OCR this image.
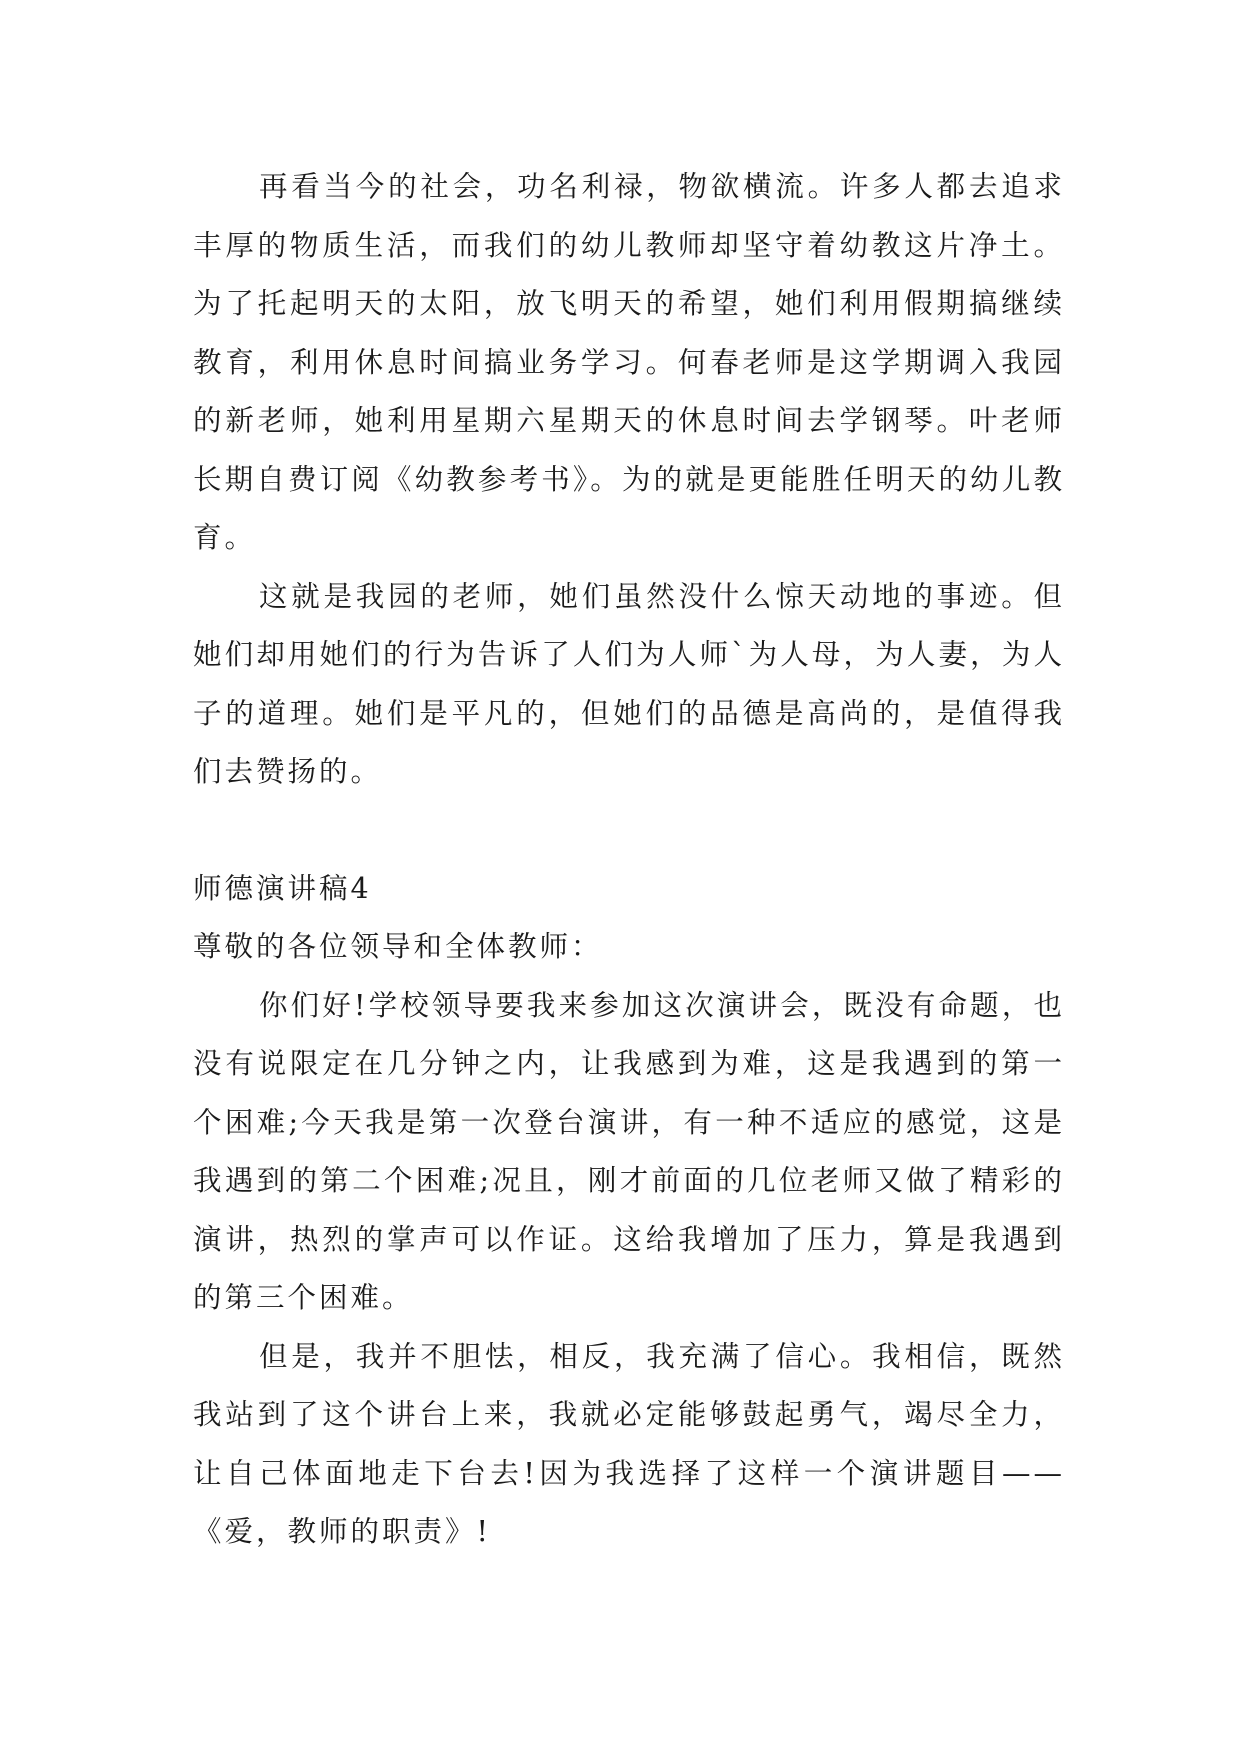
再看当今的社会，功名利禄，物欲横流。许多人都去追求丰厚的物质生活，而我们的幼儿教师却坚守着幼教这片净土。为了托起明天的太阳，放飞明天的希望，她们利用假期搞继续教育，利用休息时间搞业务学习。何春老师是这学期调入我园的新老师，她利用星期六星期天的休息时间去学钢琴。叶老师长期自费订阅《幼教参考书》。为的就是更能胜任明天的幼儿教育。

这就是我园的老师，她们虽然没什么惊天动地的事迹。但她们却用她们的行为告诉了人们为人师`为人母，为人妻，为人子的道理。她们是平凡的，但她们的品德是高尚的，是值得我们去赞扬的。

师德演讲稿4

尊敬的各位领导和全体教师：

你们好!学校领导要我来参加这次演讲会，既没有命题，也没有说限定在几分钟之内，让我感到为难，这是我遇到的第一个困难;今天我是第一次登台演讲，有一种不适应的感觉，这是我遇到的第二个困难;况且，刚才前面的几位老师又做了精彩的演讲，热烈的掌声可以作证。这给我增加了压力，算是我遇到的第三个困难。

但是，我并不胆怯，相反，我充满了信心。我相信，既然我站到了这个讲台上来，我就必定能够鼓起勇气，竭尽全力，让自己体面地走下台去!因为我选择了这样一个演讲题目——《爱，教师的职责》!
